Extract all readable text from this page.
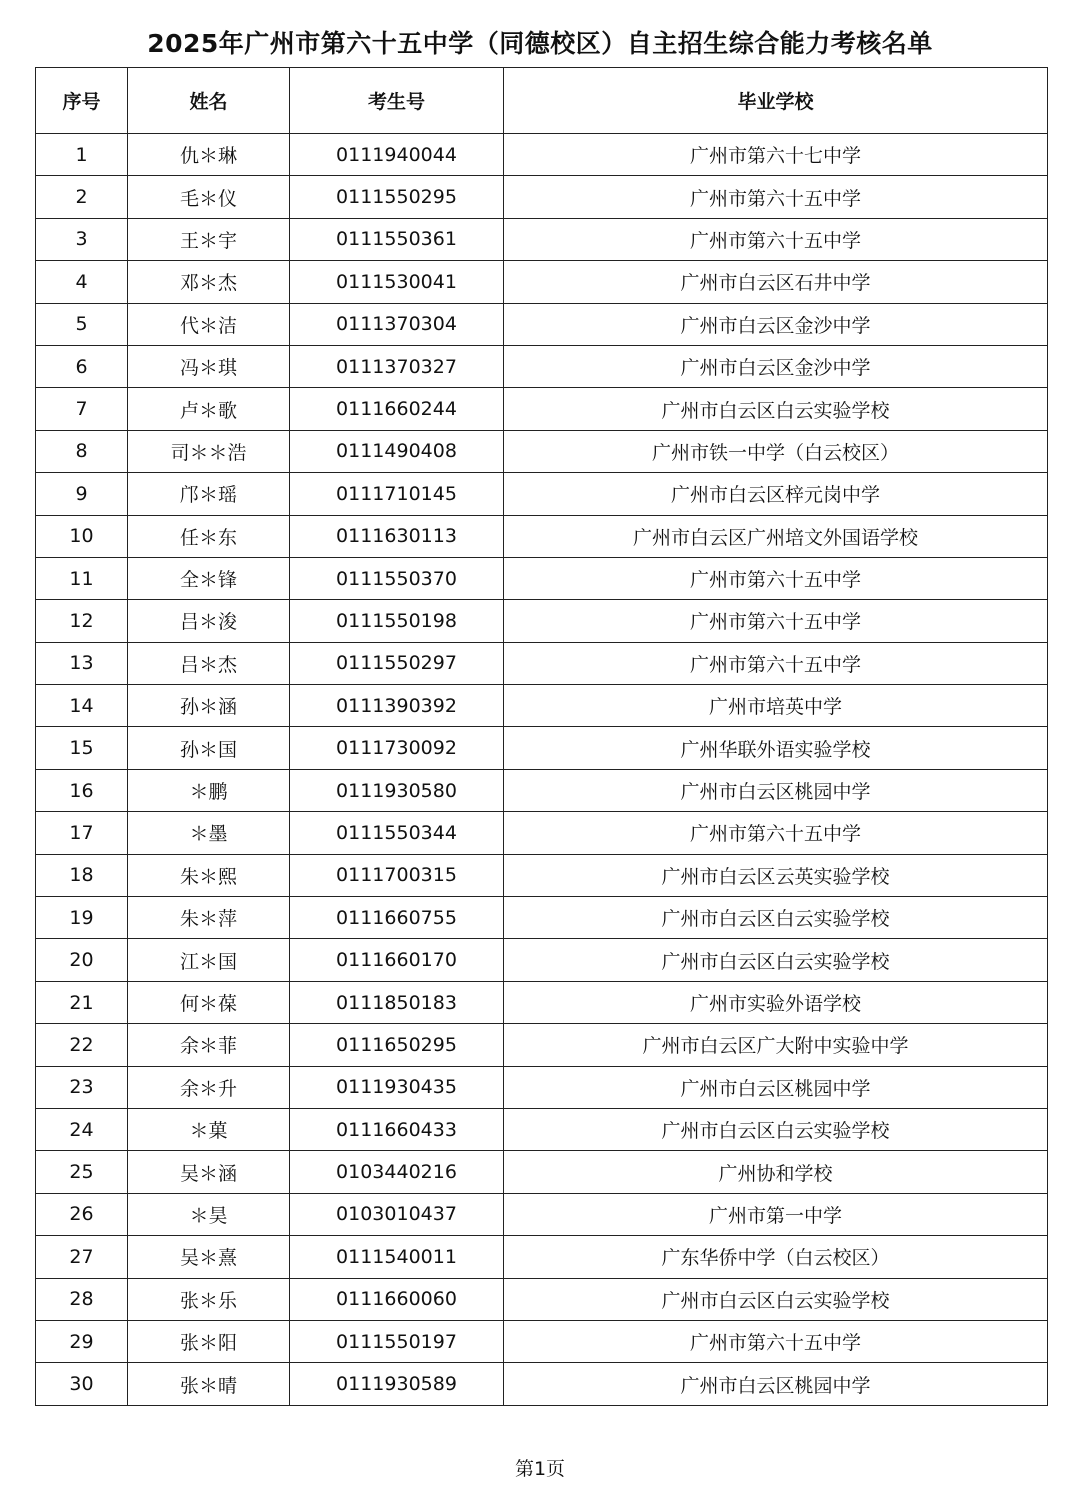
2025年广州市第六十五中学（同德校区）自主招生综合能力考核名单
序号	姓名	考生号	毕业学校
1	仇＊琳	0111940044	广州市第六十七中学
2	毛＊仪	0111550295	广州市第六十五中学
3	王＊宇	0111550361	广州市第六十五中学
4	邓＊杰	0111530041	广州市白云区石井中学
5	代＊洁	0111370304	广州市白云区金沙中学
6	冯＊琪	0111370327	广州市白云区金沙中学
7	卢＊歌	0111660244	广州市白云区白云实验学校
8	司＊＊浩	0111490408	广州市铁一中学（白云校区）
9	邝＊瑶	0111710145	广州市白云区梓元岗中学
10	任＊东	0111630113	广州市白云区广州培文外国语学校
11	全＊锋	0111550370	广州市第六十五中学
12	吕＊浚	0111550198	广州市第六十五中学
13	吕＊杰	0111550297	广州市第六十五中学
14	孙＊涵	0111390392	广州市培英中学
15	孙＊国	0111730092	广州华联外语实验学校
16	＊鹏	0111930580	广州市白云区桃园中学
17	＊墨	0111550344	广州市第六十五中学
18	朱＊熙	0111700315	广州市白云区云英实验学校
19	朱＊萍	0111660755	广州市白云区白云实验学校
20	江＊国	0111660170	广州市白云区白云实验学校
21	何＊葆	0111850183	广州市实验外语学校
22	余＊菲	0111650295	广州市白云区广大附中实验中学
23	余＊升	0111930435	广州市白云区桃园中学
24	＊菓	0111660433	广州市白云区白云实验学校
25	吴＊涵	0103440216	广州协和学校
26	＊昊	0103010437	广州市第一中学
27	吴＊熹	0111540011	广东华侨中学（白云校区）
28	张＊乐	0111660060	广州市白云区白云实验学校
29	张＊阳	0111550197	广州市第六十五中学
30	张＊晴	0111930589	广州市白云区桃园中学
第1页
